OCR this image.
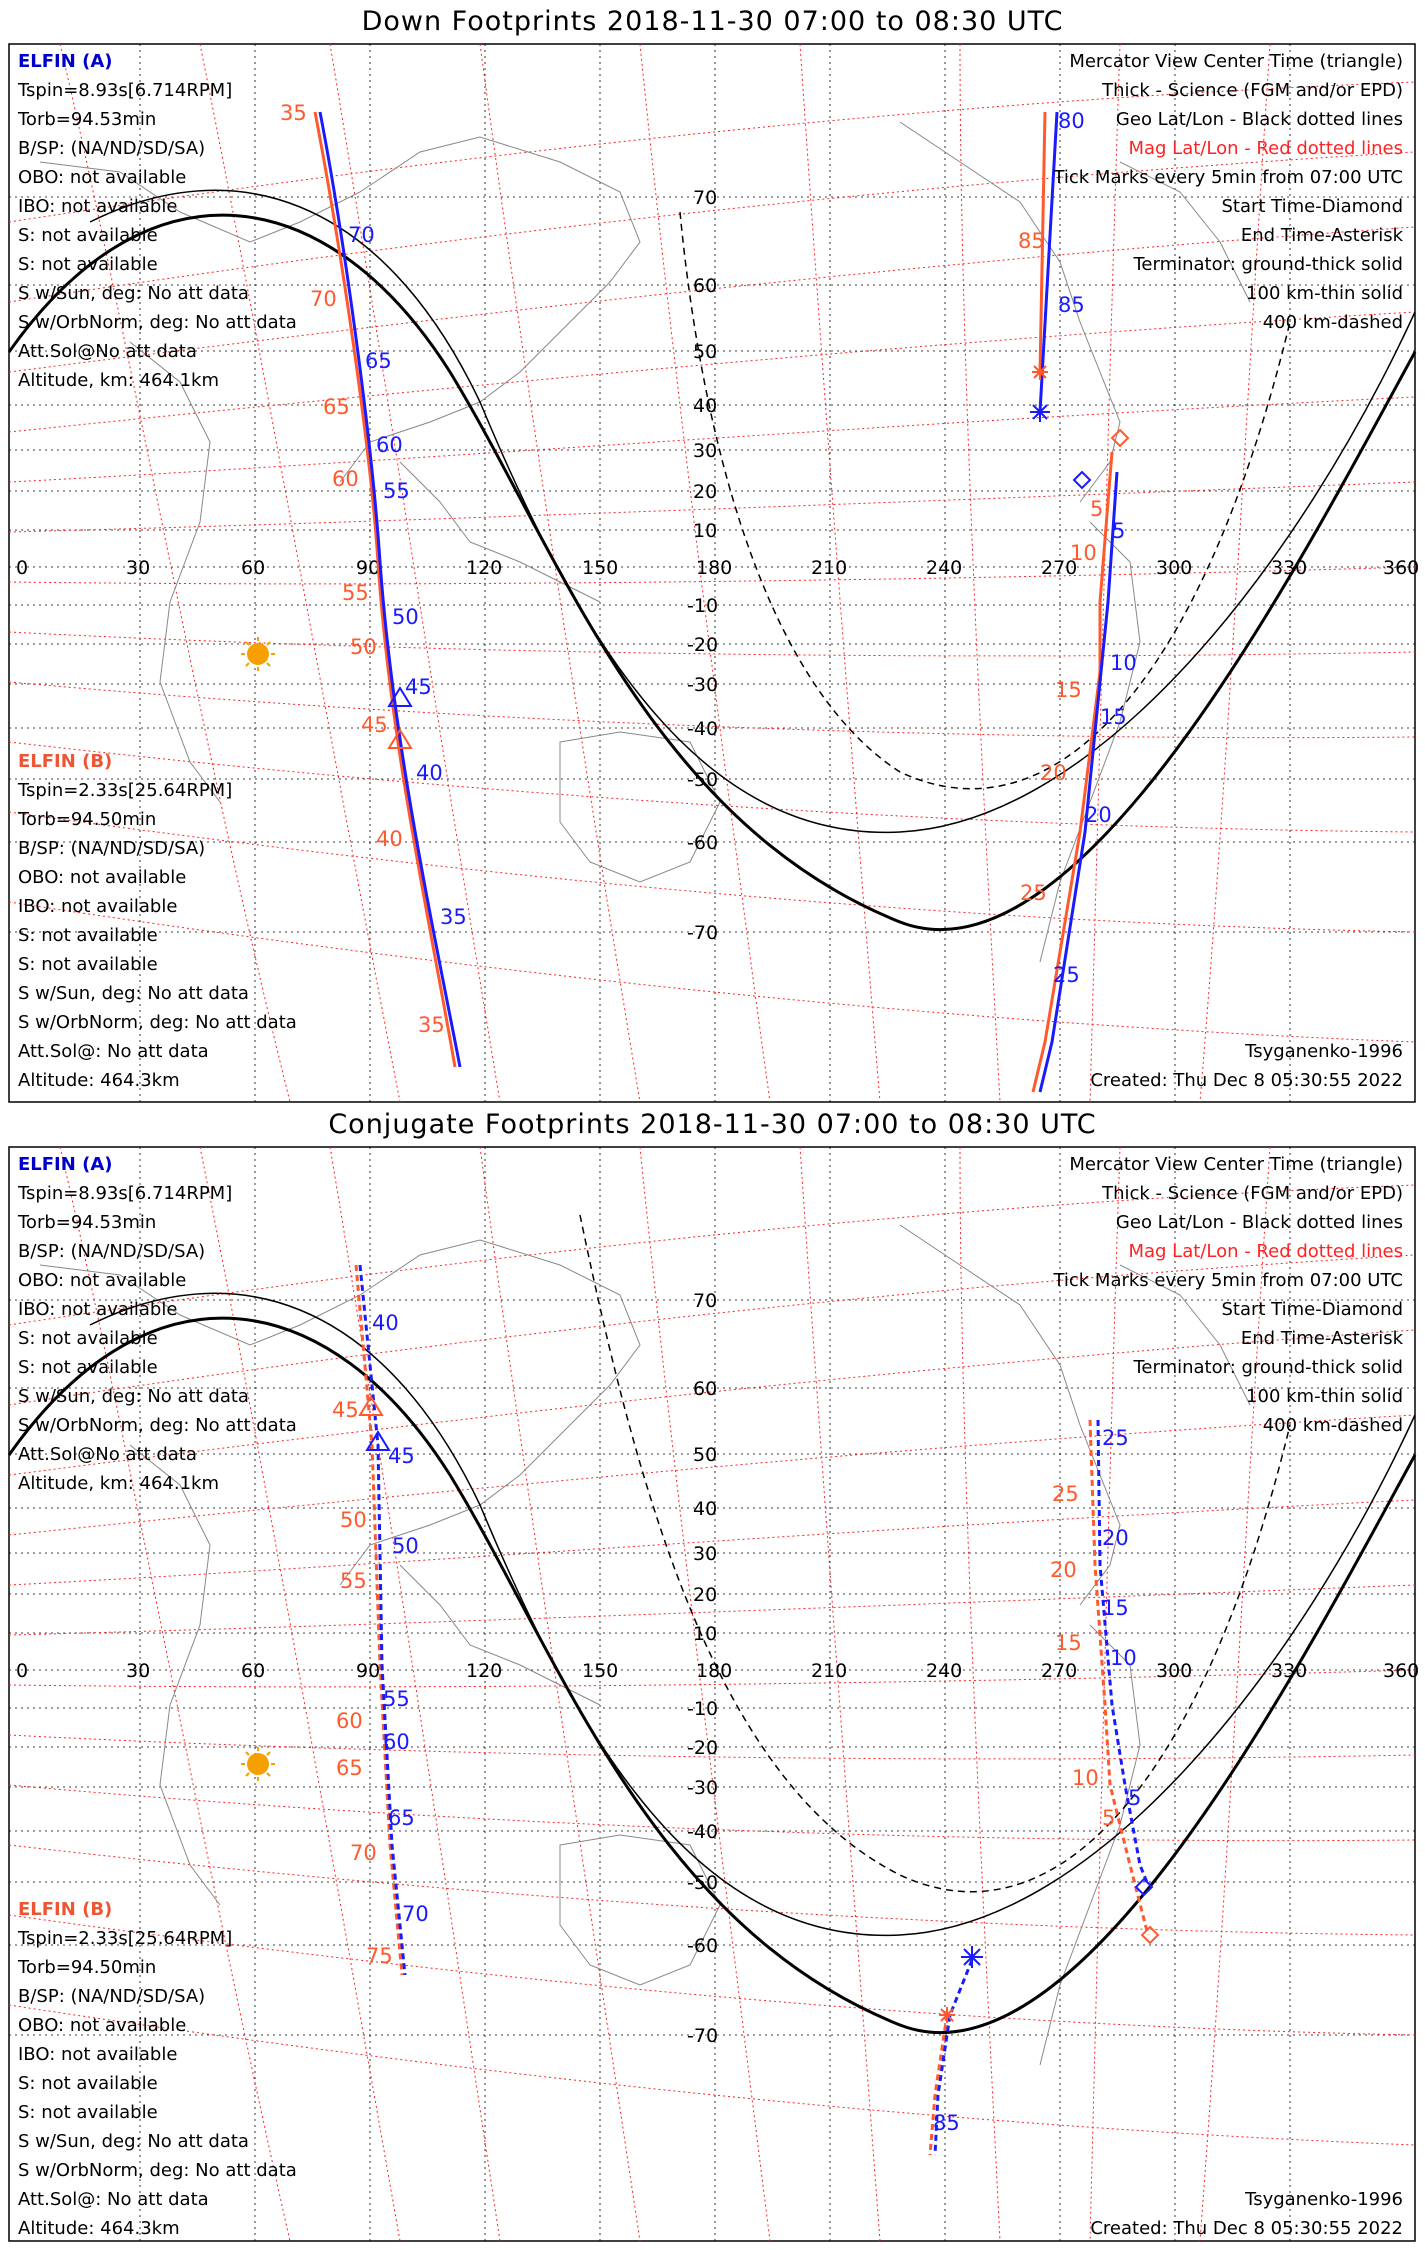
Down Footprints 2018-11-30 07:00 to 08:30 UTC
0	30	60	90	120	150	180	210	240	270	300	330	360
70
60
50
40
30
20
10
-10
-20
-30
-40
-50
-60
-70
80
85
5
10
15
20
25
70
65
60
55
50
45
40
35
85
5
10
15
20
25
35
70
65
60
55
50
45
40
35
ELFIN (A)
Tspin=8.93s[6.714RPM]
Torb=94.53min
B/SP: (NA/ND/SD/SA)
OBO: not available
IBO: not available
S: not available
S: not available
S w/Sun, deg: No att data
S w/OrbNorm, deg: No att data
Att.Sol@No att data
Altitude, km: 464.1km
ELFIN (B)
Tspin=2.33s[25.64RPM]
Torb=94.50min
B/SP: (NA/ND/SD/SA)
OBO: not available
IBO: not available
S: not available
S: not available
S w/Sun, deg: No att data
S w/OrbNorm, deg: No att data
Att.Sol@: No att data
Altitude: 464.3km
Mercator View Center Time (triangle)
Thick - Science (FGM and/or EPD)
Geo Lat/Lon - Black dotted lines
Mag Lat/Lon - Red dotted lines
Tick Marks every 5min from 07:00 UTC
Start Time-Diamond
End Time-Asterisk
Terminator: ground-thick solid
100 km-thin solid
400 km-dashed
Tsyganenko-1996
Created: Thu Dec 8 05:30:55 2022
Conjugate Footprints 2018-11-30 07:00 to 08:30 UTC
0	30	60	90	120	150	180	210	240	270	300	330	360
70
60
50
40
30
20
10
-10
-20
-30
-40
-50
-60
-70
40
45
50
55
60
65
70
25
20
15
10
5
85
45
50
55
60
65
70
75
25
20
15
10
5
ELFIN (A)
Tspin=8.93s[6.714RPM]
Torb=94.53min
B/SP: (NA/ND/SD/SA)
OBO: not available
IBO: not available
S: not available
S: not available
S w/Sun, deg: No att data
S w/OrbNorm, deg: No att data
Att.Sol@No att data
Altitude, km: 464.1km
ELFIN (B)
Tspin=2.33s[25.64RPM]
Torb=94.50min
B/SP: (NA/ND/SD/SA)
OBO: not available
IBO: not available
S: not available
S: not available
S w/Sun, deg: No att data
S w/OrbNorm, deg: No att data
Att.Sol@: No att data
Altitude: 464.3km
Mercator View Center Time (triangle)
Thick - Science (FGM and/or EPD)
Geo Lat/Lon - Black dotted lines
Mag Lat/Lon - Red dotted lines
Tick Marks every 5min from 07:00 UTC
Start Time-Diamond
End Time-Asterisk
Terminator: ground-thick solid
100 km-thin solid
400 km-dashed
Tsyganenko-1996
Created: Thu Dec 8 05:30:55 2022
